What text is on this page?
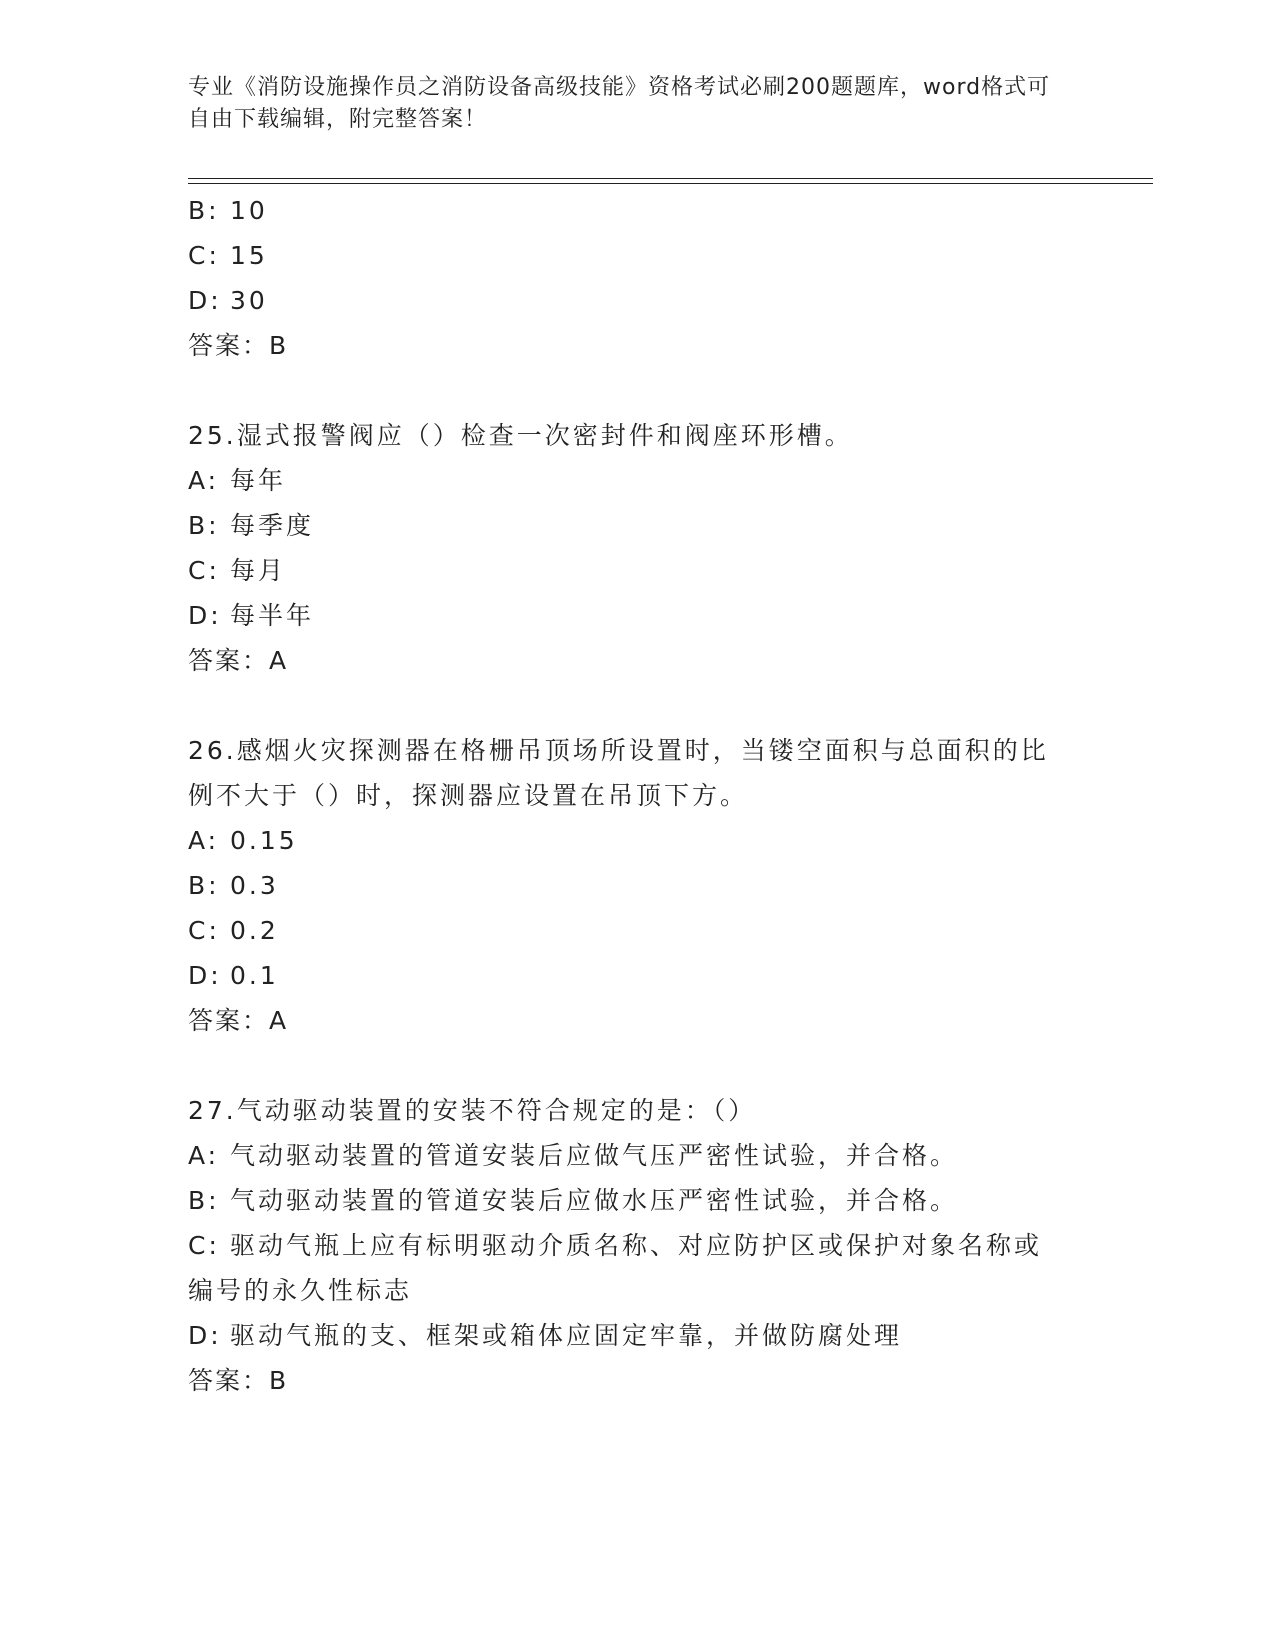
专业《消防设施操作员之消防设备高级技能》资格考试必刷200题题库，word格式可自由下载编辑，附完整答案！
B: 10
C: 15
D: 30
答案：B
25.湿式报警阀应（）检查一次密封件和阀座环形槽。
A: 每年
B: 每季度
C: 每月
D: 每半年
答案：A
26.感烟火灾探测器在格栅吊顶场所设置时，当镂空面积与总面积的比
例不大于（）时，探测器应设置在吊顶下方。
A: 0.15
B: 0.3
C: 0.2
D: 0.1
答案：A
27.气动驱动装置的安装不符合规定的是：（）
A: 气动驱动装置的管道安装后应做气压严密性试验，并合格。
B: 气动驱动装置的管道安装后应做水压严密性试验，并合格。
C: 驱动气瓶上应有标明驱动介质名称、对应防护区或保护对象名称或
编号的永久性标志
D: 驱动气瓶的支、框架或箱体应固定牢靠，并做防腐处理
答案：B
